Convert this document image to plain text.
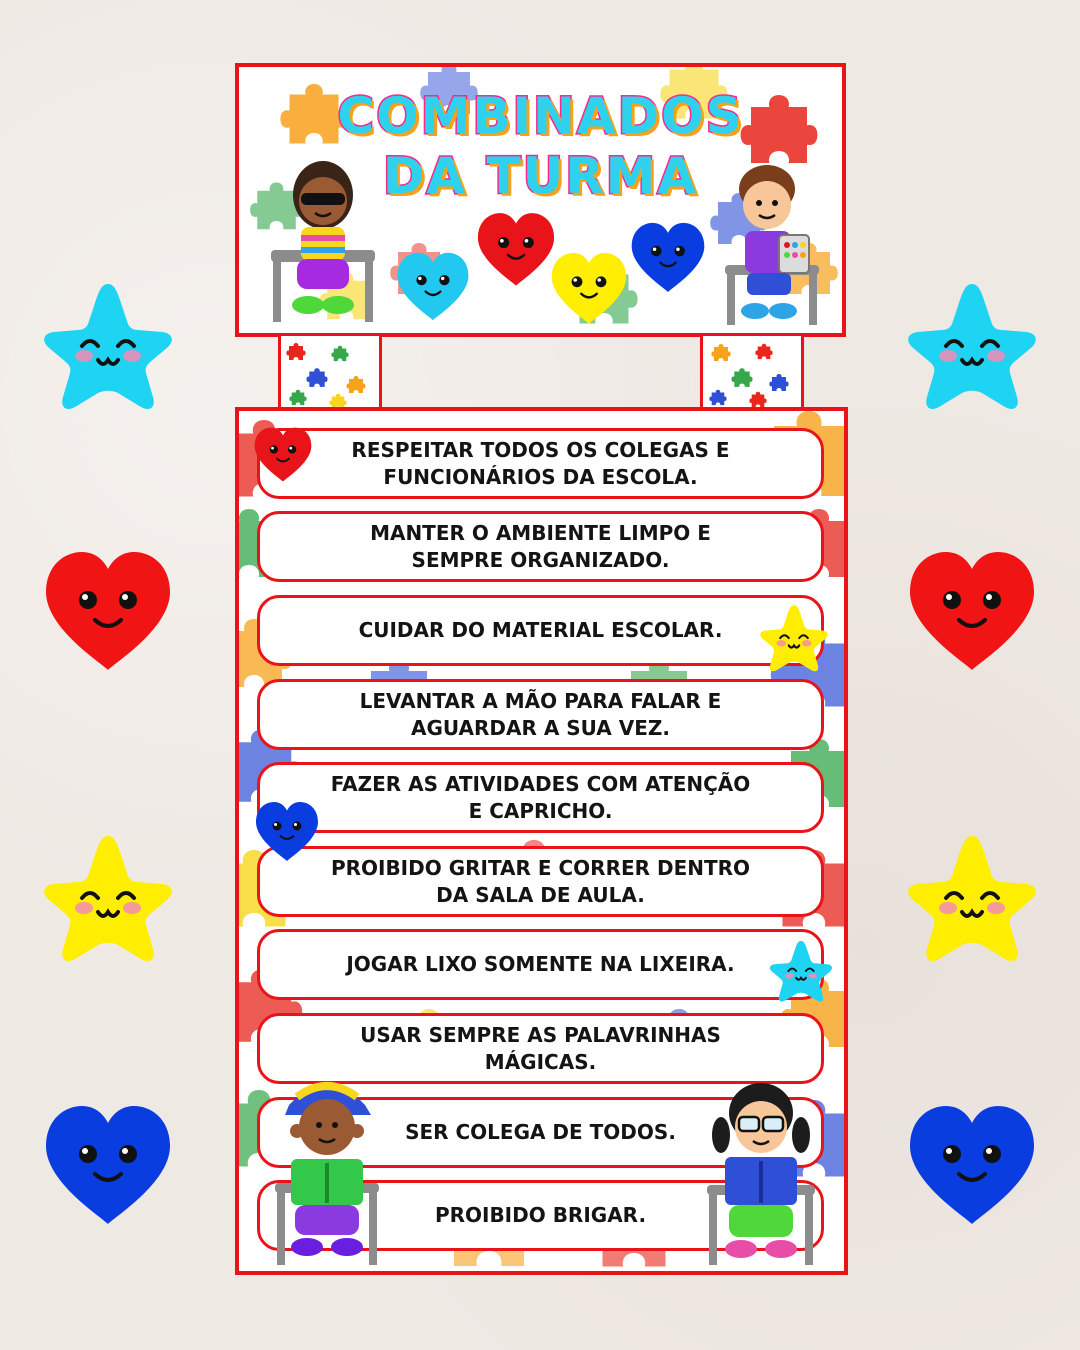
COMBINADOS
DA TURMA
RESPEITAR TODOS OS COLEGAS E
FUNCIONÁRIOS DA ESCOLA.
MANTER O AMBIENTE LIMPO E
SEMPRE ORGANIZADO.
CUIDAR DO MATERIAL ESCOLAR.
LEVANTAR A MÃO PARA FALAR E
AGUARDAR A SUA VEZ.
FAZER AS ATIVIDADES COM ATENÇÃO
E CAPRICHO.
PROIBIDO GRITAR E CORRER DENTRO
DA SALA DE AULA.
JOGAR LIXO SOMENTE NA LIXEIRA.
USAR SEMPRE AS PALAVRINHAS
MÁGICAS.
SER COLEGA DE TODOS.
PROIBIDO BRIGAR.
